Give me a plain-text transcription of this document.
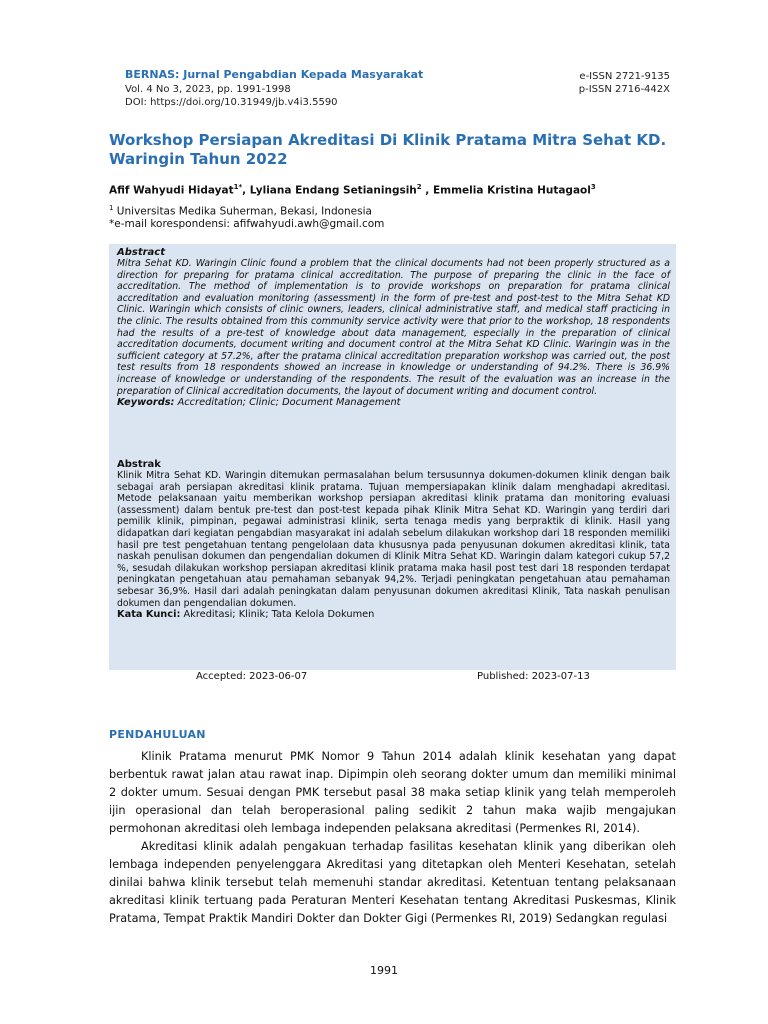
BERNAS: Jurnal Pengabdian Kepada Masyarakat
Vol. 4 No 3, 2023, pp. 1991-1998
DOI: https://doi.org/10.31949/jb.v4i3.5590
e-ISSN 2721-9135
p-ISSN 2716-442X
Workshop Persiapan Akreditasi Di Klinik Pratama Mitra Sehat KD. Waringin Tahun 2022
Afif Wahyudi Hidayat$^{1*}$, Lyliana Endang Setianingsih$^2$ , Emmelia Kristina Hutagaol$^3$
$^1$ Universitas Medika Suherman, Bekasi, Indonesia
*e-mail korespondensi: afifwahyudi.awh@gmail.com
Abstract
Mitra Sehat KD. Waringin Clinic found a problem that the clinical documents had not been properly structured as a direction for preparing for pratama clinical accreditation. The purpose of preparing the clinic in the face of accreditation. The method of implementation is to provide workshops on preparation for pratama clinical accreditation and evaluation monitoring (assessment) in the form of pre-test and post-test to the Mitra Sehat KD Clinic. Waringin which consists of clinic owners, leaders, clinical administrative staff, and medical staff practicing in the clinic. The results obtained from this community service activity were that prior to the workshop, 18 respondents had the results of a pre-test of knowledge about data management, especially in the preparation of clinical accreditation documents, document writing and document control at the Mitra Sehat KD Clinic. Waringin was in the sufficient category at 57.2%, after the pratama clinical accreditation preparation workshop was carried out, the post test results from 18 respondents showed an increase in knowledge or understanding of 94.2%. There is 36.9% increase of knowledge or understanding of the respondents. The result of the evaluation was an increase in the preparation of Clinical accreditation documents, the layout of document writing and document control.
Keywords: Accreditation; Clinic; Document Management
Abstrak
Klinik Mitra Sehat KD. Waringin ditemukan permasalahan belum tersusunnya dokumen-dokumen klinik dengan baik sebagai arah persiapan akreditasi klinik pratama. Tujuan mempersiapakan klinik dalam menghadapi akreditasi. Metode pelaksanaan yaitu memberikan workshop persiapan akreditasi klinik pratama dan monitoring evaluasi (assessment) dalam bentuk pre-test dan post-test kepada pihak Klinik Mitra Sehat KD. Waringin yang terdiri dari pemilik klinik, pimpinan, pegawai administrasi klinik, serta tenaga medis yang berpraktik di klinik. Hasil yang didapatkan dari kegiatan pengabdian masyarakat ini adalah sebelum dilakukan workshop dari 18 responden memiliki hasil pre test pengetahuan tentang pengelolaan data khususnya pada penyusunan dokumen akreditasi klinik, tata naskah penulisan dokumen dan pengendalian dokumen di Klinik Mitra Sehat KD. Waringin dalam kategori cukup 57,2 %, sesudah dilakukan workshop persiapan akreditasi klinik pratama maka hasil post test dari 18 responden terdapat peningkatan pengetahuan atau pemahaman sebanyak 94,2%. Terjadi peningkatan pengetahuan atau pemahaman sebesar 36,9%. Hasil dari adalah peningkatan dalam penyusunan dokumen akreditasi Klinik, Tata naskah penulisan dokumen dan pengendalian dokumen.
Kata Kunci: Akreditasi; Klinik; Tata Kelola Dokumen
Accepted: 2023-06-07	Published: 2023-07-13
PENDAHULUAN

Klinik Pratama menurut PMK Nomor 9 Tahun 2014 adalah klinik kesehatan yang dapat berbentuk rawat jalan atau rawat inap. Dipimpin oleh seorang dokter umum dan memiliki minimal 2 dokter umum. Sesuai dengan PMK tersebut pasal 38 maka setiap klinik yang telah memperoleh ijin operasional dan telah beroperasional paling sedikit 2 tahun maka wajib mengajukan permohonan akreditasi oleh lembaga independen pelaksana akreditasi (Permenkes RI, 2014).

Akreditasi klinik adalah pengakuan terhadap fasilitas kesehatan klinik yang diberikan oleh lembaga independen penyelenggara Akreditasi yang ditetapkan oleh Menteri Kesehatan, setelah dinilai bahwa klinik tersebut telah memenuhi standar akreditasi. Ketentuan tentang pelaksanaan akreditasi klinik tertuang pada Peraturan Menteri Kesehatan tentang Akreditasi Puskesmas, Klinik Pratama, Tempat Praktik Mandiri Dokter dan Dokter Gigi (Permenkes RI, 2019) Sedangkan regulasi

1991
